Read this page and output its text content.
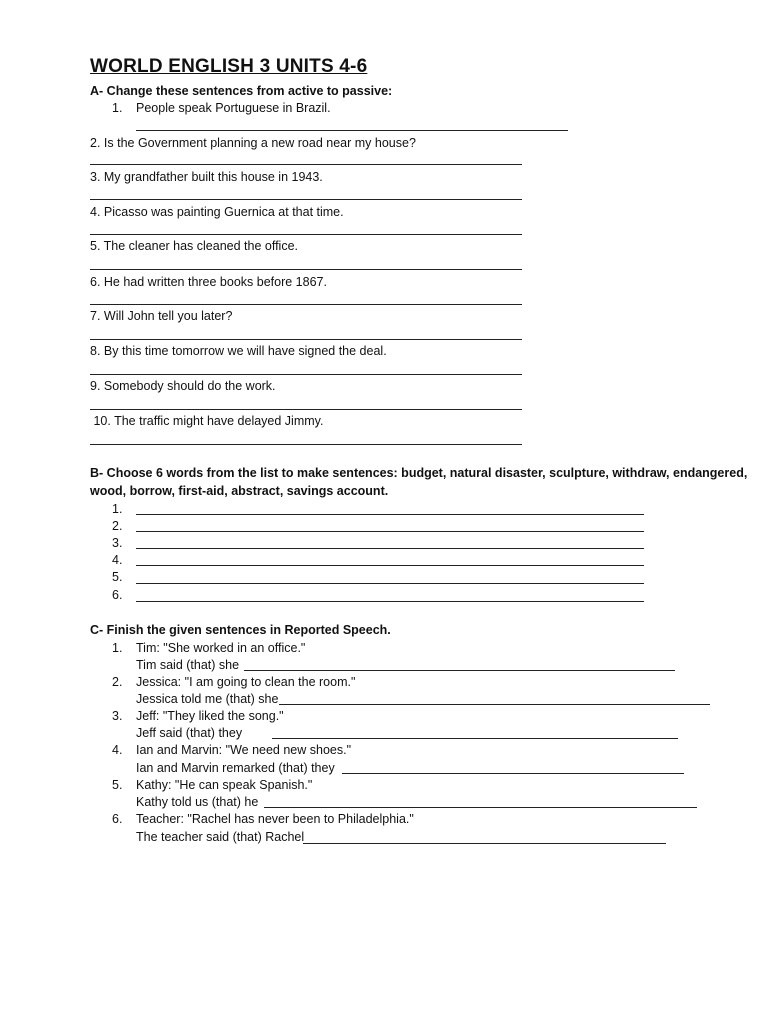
WORLD ENGLISH 3 UNITS 4-6
A- Change these sentences from active to passive:
1. People speak Portuguese in Brazil.
2. Is the Government planning a new road near my house?
3. My grandfather built this house in 1943.
4. Picasso was painting Guernica at that time.
5. The cleaner has cleaned the office.
6. He had written three books before 1867.
7. Will John tell you later?
8. By this time tomorrow we will have signed the deal.
9. Somebody should do the work.
10. The traffic might have delayed Jimmy.
B- Choose 6 words from the list to make sentences: budget, natural disaster, sculpture, withdraw, endangered,
wood, borrow, first-aid, abstract, savings account.
1.
2.
3.
4.
5.
6.
C- Finish the given sentences in Reported Speech.
1. Tim: "She worked in an office."
Tim said (that) she
2. Jessica: "I am going to clean the room."
Jessica told me (that) she
3. Jeff: "They liked the song."
Jeff said (that) they
4. Ian and Marvin: "We need new shoes."
Ian and Marvin remarked (that) they
5. Kathy: "He can speak Spanish."
Kathy told us (that) he
6. Teacher: "Rachel has never been to Philadelphia."
The teacher said (that) Rachel
